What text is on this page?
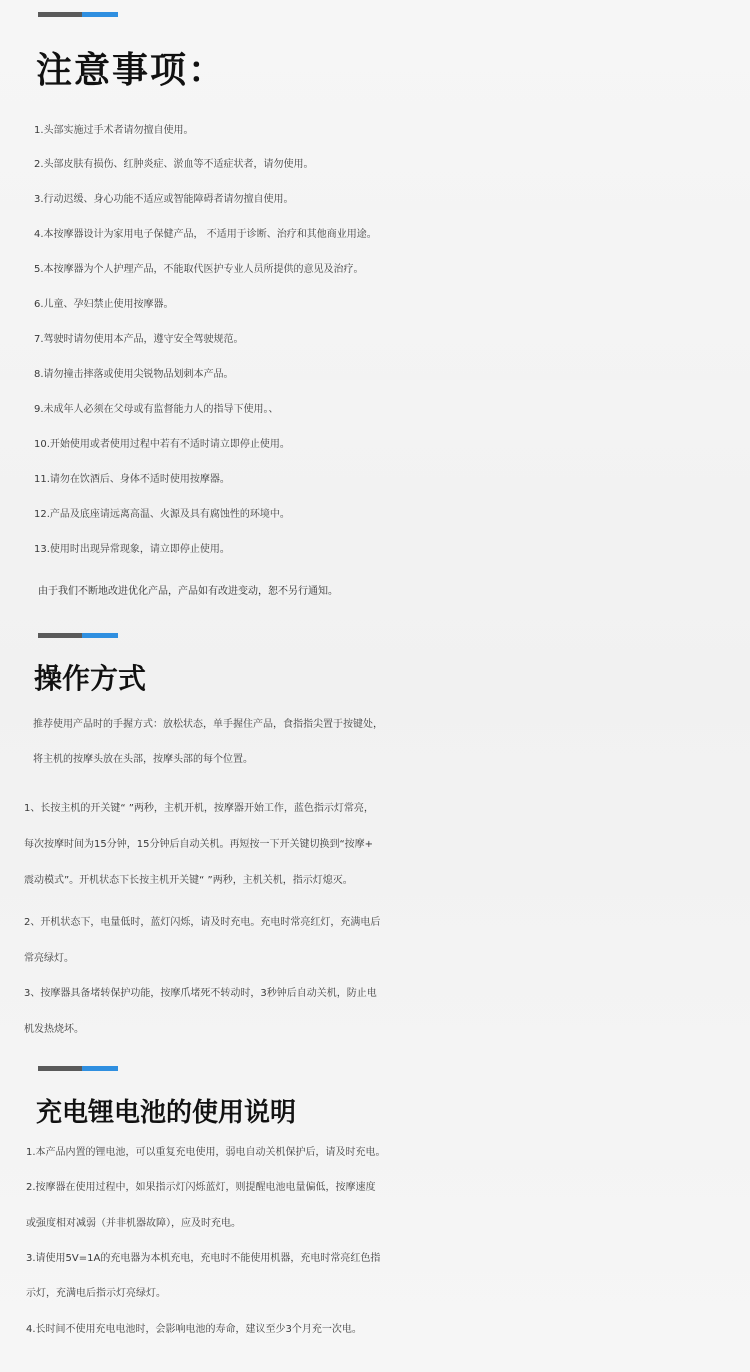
注意事项：
1.头部实施过手术者请勿擅自使用。
2.头部皮肤有损伤、红肿炎症、淤血等不适症状者，请勿使用。
3.行动迟缓、身心功能不适应或智能障碍者请勿擅自使用。
4.本按摩器设计为家用电子保健产品， 不适用于诊断、治疗和其他商业用途。
5.本按摩器为个人护理产品，不能取代医护专业人员所提供的意见及治疗。
6.儿童、孕妇禁止使用按摩器。
7.驾驶时请勿使用本产品，遵守安全驾驶规范。
8.请勿撞击摔落或使用尖锐物品划刺本产品。
9.未成年人必须在父母或有监督能力人的指导下使用。、
10.开始使用或者使用过程中若有不适时请立即停止使用。
11.请勿在饮酒后、身体不适时使用按摩器。
12.产品及底座请远离高温、火源及具有腐蚀性的环境中。
13.使用时出现异常现象，请立即停止使用。
由于我们不断地改进优化产品，产品如有改进变动，恕不另行通知。
操作方式
推荐使用产品时的手握方式：放松状态，单手握住产品，食指指尖置于按键处，
将主机的按摩头放在头部，按摩头部的每个位置。
1、长按主机的开关键“ ”两秒，主机开机，按摩器开始工作，蓝色指示灯常亮，
每次按摩时间为15分钟，15分钟后自动关机。再短按一下开关键切换到“按摩+
震动模式”。开机状态下长按主机开关键“ ”两秒，主机关机，指示灯熄灭。
2、开机状态下，电量低时，蓝灯闪烁，请及时充电。充电时常亮红灯，充满电后
常亮绿灯。
3、按摩器具备堵转保护功能，按摩爪堵死不转动时，3秒钟后自动关机，防止电
机发热烧坏。
充电锂电池的使用说明
1.本产品内置的锂电池，可以重复充电使用，弱电自动关机保护后，请及时充电。
2.按摩器在使用过程中，如果指示灯闪烁蓝灯，则提醒电池电量偏低，按摩速度
或强度相对减弱（并非机器故障），应及时充电。
3.请使用5V=1A的充电器为本机充电，充电时不能使用机器，充电时常亮红色指
示灯，充满电后指示灯亮绿灯。
4.长时间不使用充电电池时，会影响电池的寿命，建议至少3个月充一次电。
